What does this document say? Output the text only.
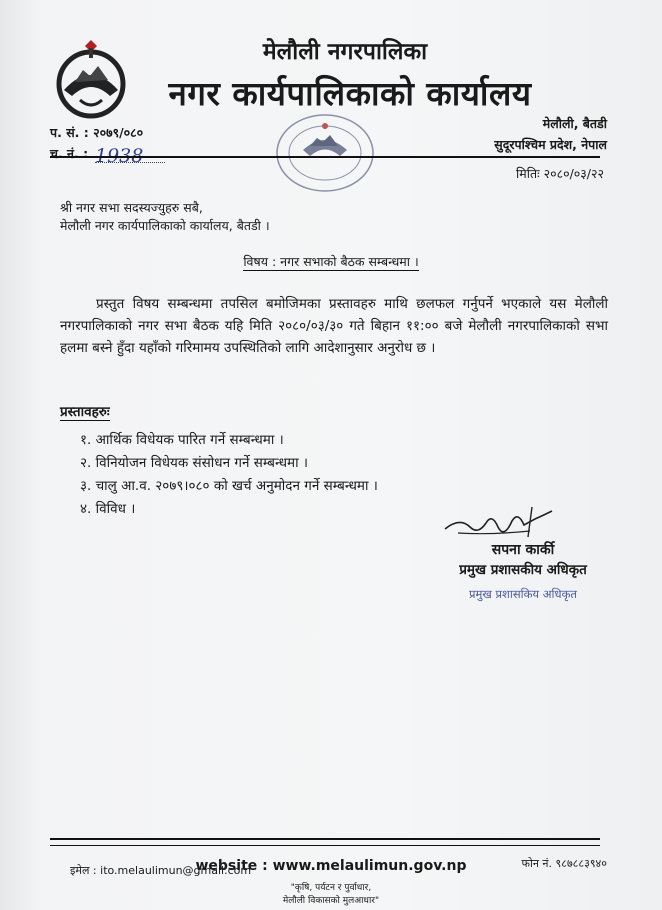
मेलौली नगरपालिका
नगर कार्यपालिकाको कार्यालय
प. सं. : २०७९/०८०
च. नं. : 1938
मेलौली, बैतडी
सुदूरपश्चिम प्रदेश, नेपाल
मितिः २०८०/०३/२२
श्री नगर सभा सदस्यज्युहरु सबै,
मेलौली नगर कार्यपालिकाको कार्यालय, बैतडी ।
विषय : नगर सभाको बैठक सम्बन्धमा ।
प्रस्तुत विषय सम्बन्धमा तपसिल बमोजिमका प्रस्तावहरु माथि छलफल गर्नुपर्ने भएकाले यस मेलौली नगरपालिकाको नगर सभा बैठक यहि मिति २०८०/०३/३० गते बिहान ११:०० बजे मेलौली नगरपालिकाको सभा हलमा बस्ने हुँदा यहाँको गरिमामय उपस्थितिको लागि आदेशानुसार अनुरोध छ ।
प्रस्तावहरुः
१. आर्थिक विधेयक पारित गर्ने सम्बन्धमा ।
२. विनियोजन विधेयक संसोधन गर्ने सम्बन्धमा ।
३. चालु आ.व. २०७९।०८० को खर्च अनुमोदन गर्ने सम्बन्धमा ।
४. विविध ।
सपना कार्की
प्रमुख प्रशासकीय अधिकृत
प्रमुख प्रशासकिय अधिकृत
इमेल : ito.melaulimun@gmail.com
website : www.melaulimun.gov.np	फोन नं. ९८७८८३९४०
"कृषि, पर्यटन र पुर्वाधार,
मेलौली विकासको मुलआधार"
